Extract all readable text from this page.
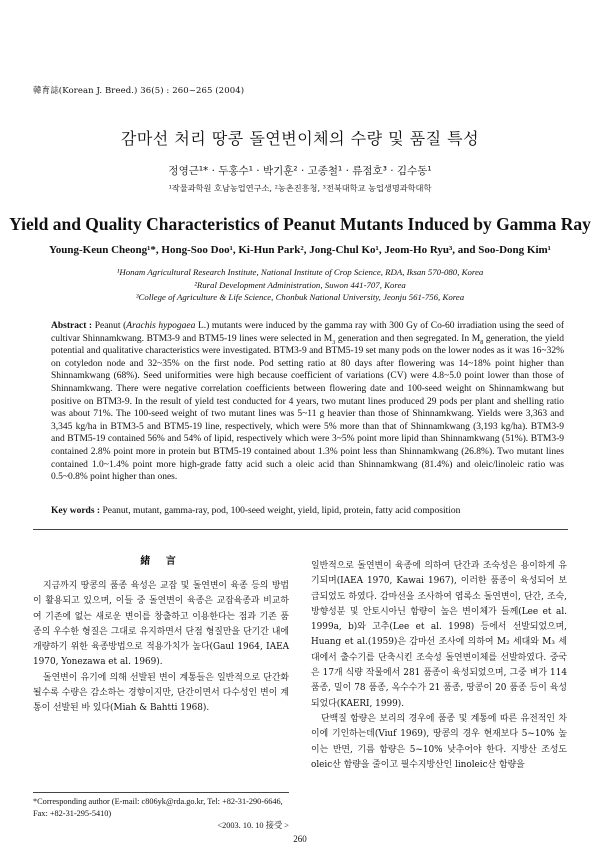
韓育誌(Korean J. Breed.) 36(5) : 260~265 (2004)
감마선 처리 땅콩 돌연변이체의 수량 및 품질 특성
정영근¹* · 두홍수¹ · 박기훈² · 고종철¹ · 류점호³ · 김수동¹
¹작물과학원 호남농업연구소, ²농촌진흥청, ³전북대학교 농업생명과학대학
Yield and Quality Characteristics of Peanut Mutants Induced by Gamma Ray
Young-Keun Cheong¹*, Hong-Soo Doo¹, Ki-Hun Park², Jong-Chul Ko¹, Jeom-Ho Ryu³, and Soo-Dong Kim¹
¹Honam Agricultural Research Institute, National Institute of Crop Science, RDA, Iksan 570-080, Korea
²Rural Development Administration, Suwon 441-707, Korea
³College of Agriculture & Life Science, Chonbuk National University, Jeonju 561-756, Korea
Abstract : Peanut (Arachis hypogaea L.) mutants were induced by the gamma ray with 300 Gy of Co-60 irradiation using the seed of cultivar Shinnamkwang. BTM3-9 and BTM5-19 lines were selected in $M_3$ generation and then segregated. In $M_8$ generation, the yield potential and qualitative characteristics were investigated. BTM3-9 and BTM5-19 set many pods on the lower nodes as it was 16~32% on cotyledon node and 32~35% on the first node. Pod setting ratio at 80 days after flowering was 14~18% point higher than Shinnamkwang (68%). Seed uniformities were high because coefficient of variations (CV) were 4.8~5.0 point lower than those of Shinnamkwang. There were negative correlation coefficients between flowering date and 100-seed weight on Shinnamkwang but positive on BTM3-9. In the result of yield test conducted for 4 years, two mutant lines produced 29 pods per plant and shelling ratio was about 71%. The 100-seed weight of two mutant lines was 5~11 g heavier than those of Shinnamkwang. Yields were 3,363 and 3,345 kg/ha in BTM3-5 and BTM5-19 line, respectively, which were 5% more than that of Shinnamkwang (3,193 kg/ha). BTM3-9 and BTM5-19 contained 56% and 54% of lipid, respectively which were 3~5% point more lipid than Shinnamkwang (51%). BTM3-9 contained 2.8% point more in protein but BTM5-19 contained about 1.3% point less than Shinnamkwang (26.8%). Two mutant lines contained 1.0~1.4% point more high-grade fatty acid such a oleic acid than Shinnamkwang (81.4%) and oleic/linoleic ratio was 0.5~0.8% point higher than ones.
Key words : Peanut, mutant, gamma-ray, pod, 100-seed weight, yield, lipid, protein, fatty acid composition
緒 言

지금까지 땅콩의 품종 육성은 교잡 및 돌연변이 육종 등의 방법이 활용되고 있으며, 이들 중 돌연변이 육종은 교잡육종과 비교하여 기존에 없는 새로운 변이를 창출하고 이용한다는 점과 기존 품종의 우수한 형질은 그대로 유지하면서 단점 형질만을 단기간 내에 개량하기 위한 육종방법으로 적용가치가 높다(Gaul 1964, IAEA 1970, Yonezawa et al. 1969).

돌연변이 유기에 의해 선발된 변이 계통들은 일반적으로 단간화 될수록 수량은 감소하는 경향이지만, 단간이면서 다수성인 변이 계통이 선발된 바 있다(Miah & Bahtti 1968).

일반적으로 돌연변이 육종에 의하여 단간과 조숙성은 용이하게 유기되며(IAEA 1970, Kawai 1967), 이러한 품종이 육성되어 보급되었도 하였다. 감마선을 조사하여 엽록소 돌연변이, 단간, 조숙, 방향성분 및 안토시아닌 함량이 높은 변이체가 들께(Lee et al. 1999a, b)와 고추(Lee et al. 1998) 등에서 선발되었으며, Huang et al.(1959)은 감마선 조사에 의하여 M₂ 세대와 M₃ 세대에서 출수기를 단축시킨 조숙성 돌연변이체를 선발하였다. 중국은 17개 식량 작물에서 281 품종이 육성되었으며, 그중 벼가 114 품종, 밀이 78 품종, 옥수수가 21 품종, 땅콩이 20 품종 등이 육성되었다(KAERI, 1999).

단백질 함량은 보리의 경우에 품종 및 계통에 따른 유전적인 차이에 기인하는데(Viuf 1969), 땅콩의 경우 현재보다 5~10% 높이는 반면, 기름 함량은 5~10% 낮추어야 한다. 지방산 조성도 oleic산 함량을 줄이고 필수지방산인 linoleic산 함량을

*Corresponding author (E-mail: c806yk@rda.go.kr, Tel: +82-31-290-6646, Fax: +82-31-295-5410)
<2003. 10. 10 接受 >
260
